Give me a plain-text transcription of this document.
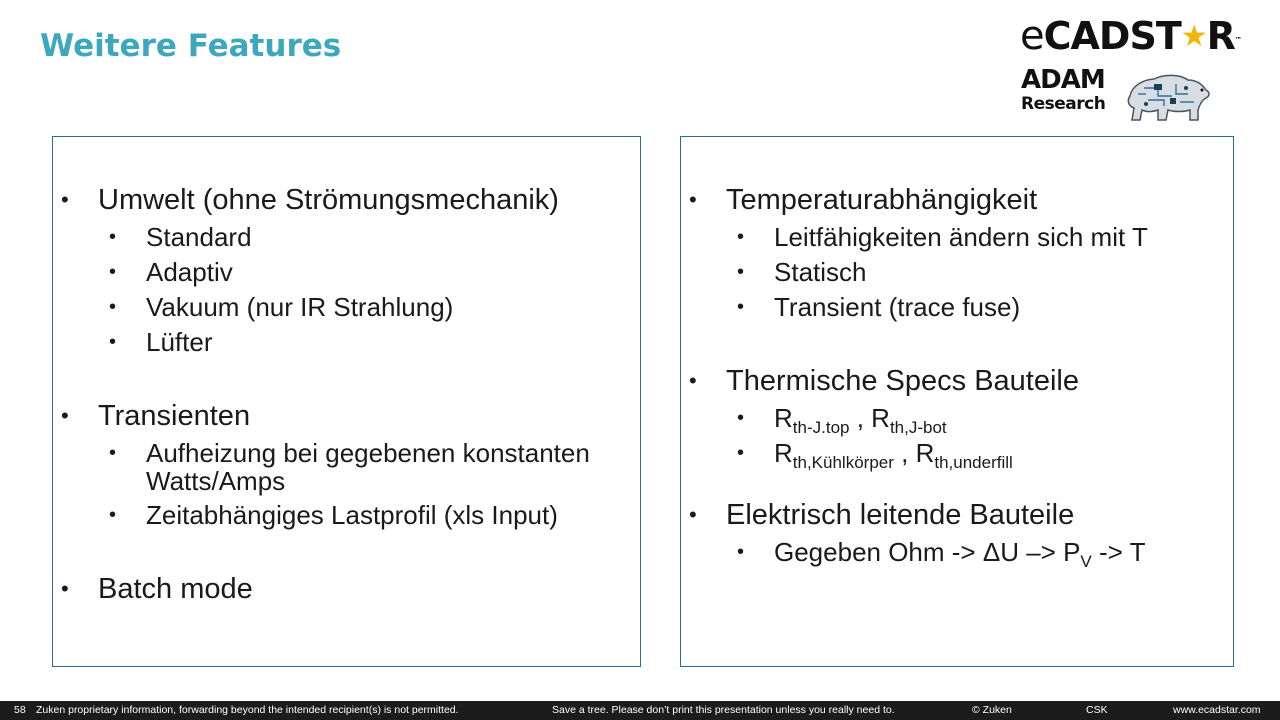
Weitere Features	eCADST★R™
ADAM
Research
• Umwelt (ohne Strömungsmechanik)
• Standard
• Adaptiv
• Vakuum (nur IR Strahlung)
• Lüfter
• Transienten
• Aufheizung bei gegebenen konstanten Watts/Amps
• Zeitabhängiges Lastprofil (xls Input)
• Batch mode
• Temperaturabhängigkeit
• Leitfähigkeiten ändern sich mit T
• Statisch
• Transient (trace fuse)
• Thermische Specs Bauteile
• $R_{th-J.top}$ , $R_{th,J-bot}$
• $R_{th,Kühlkörper}$ , $R_{th,underfill}$
• Elektrisch leitende Bauteile
• Gegeben Ohm -> $\Delta U -> P_V -> T$
58 Zuken proprietary information, forwarding beyond the intended recipient(s) is not permitted.	Save a tree. Please don’t print this presentation unless you really need to.	© Zuken	CSK	www.ecadstar.com
